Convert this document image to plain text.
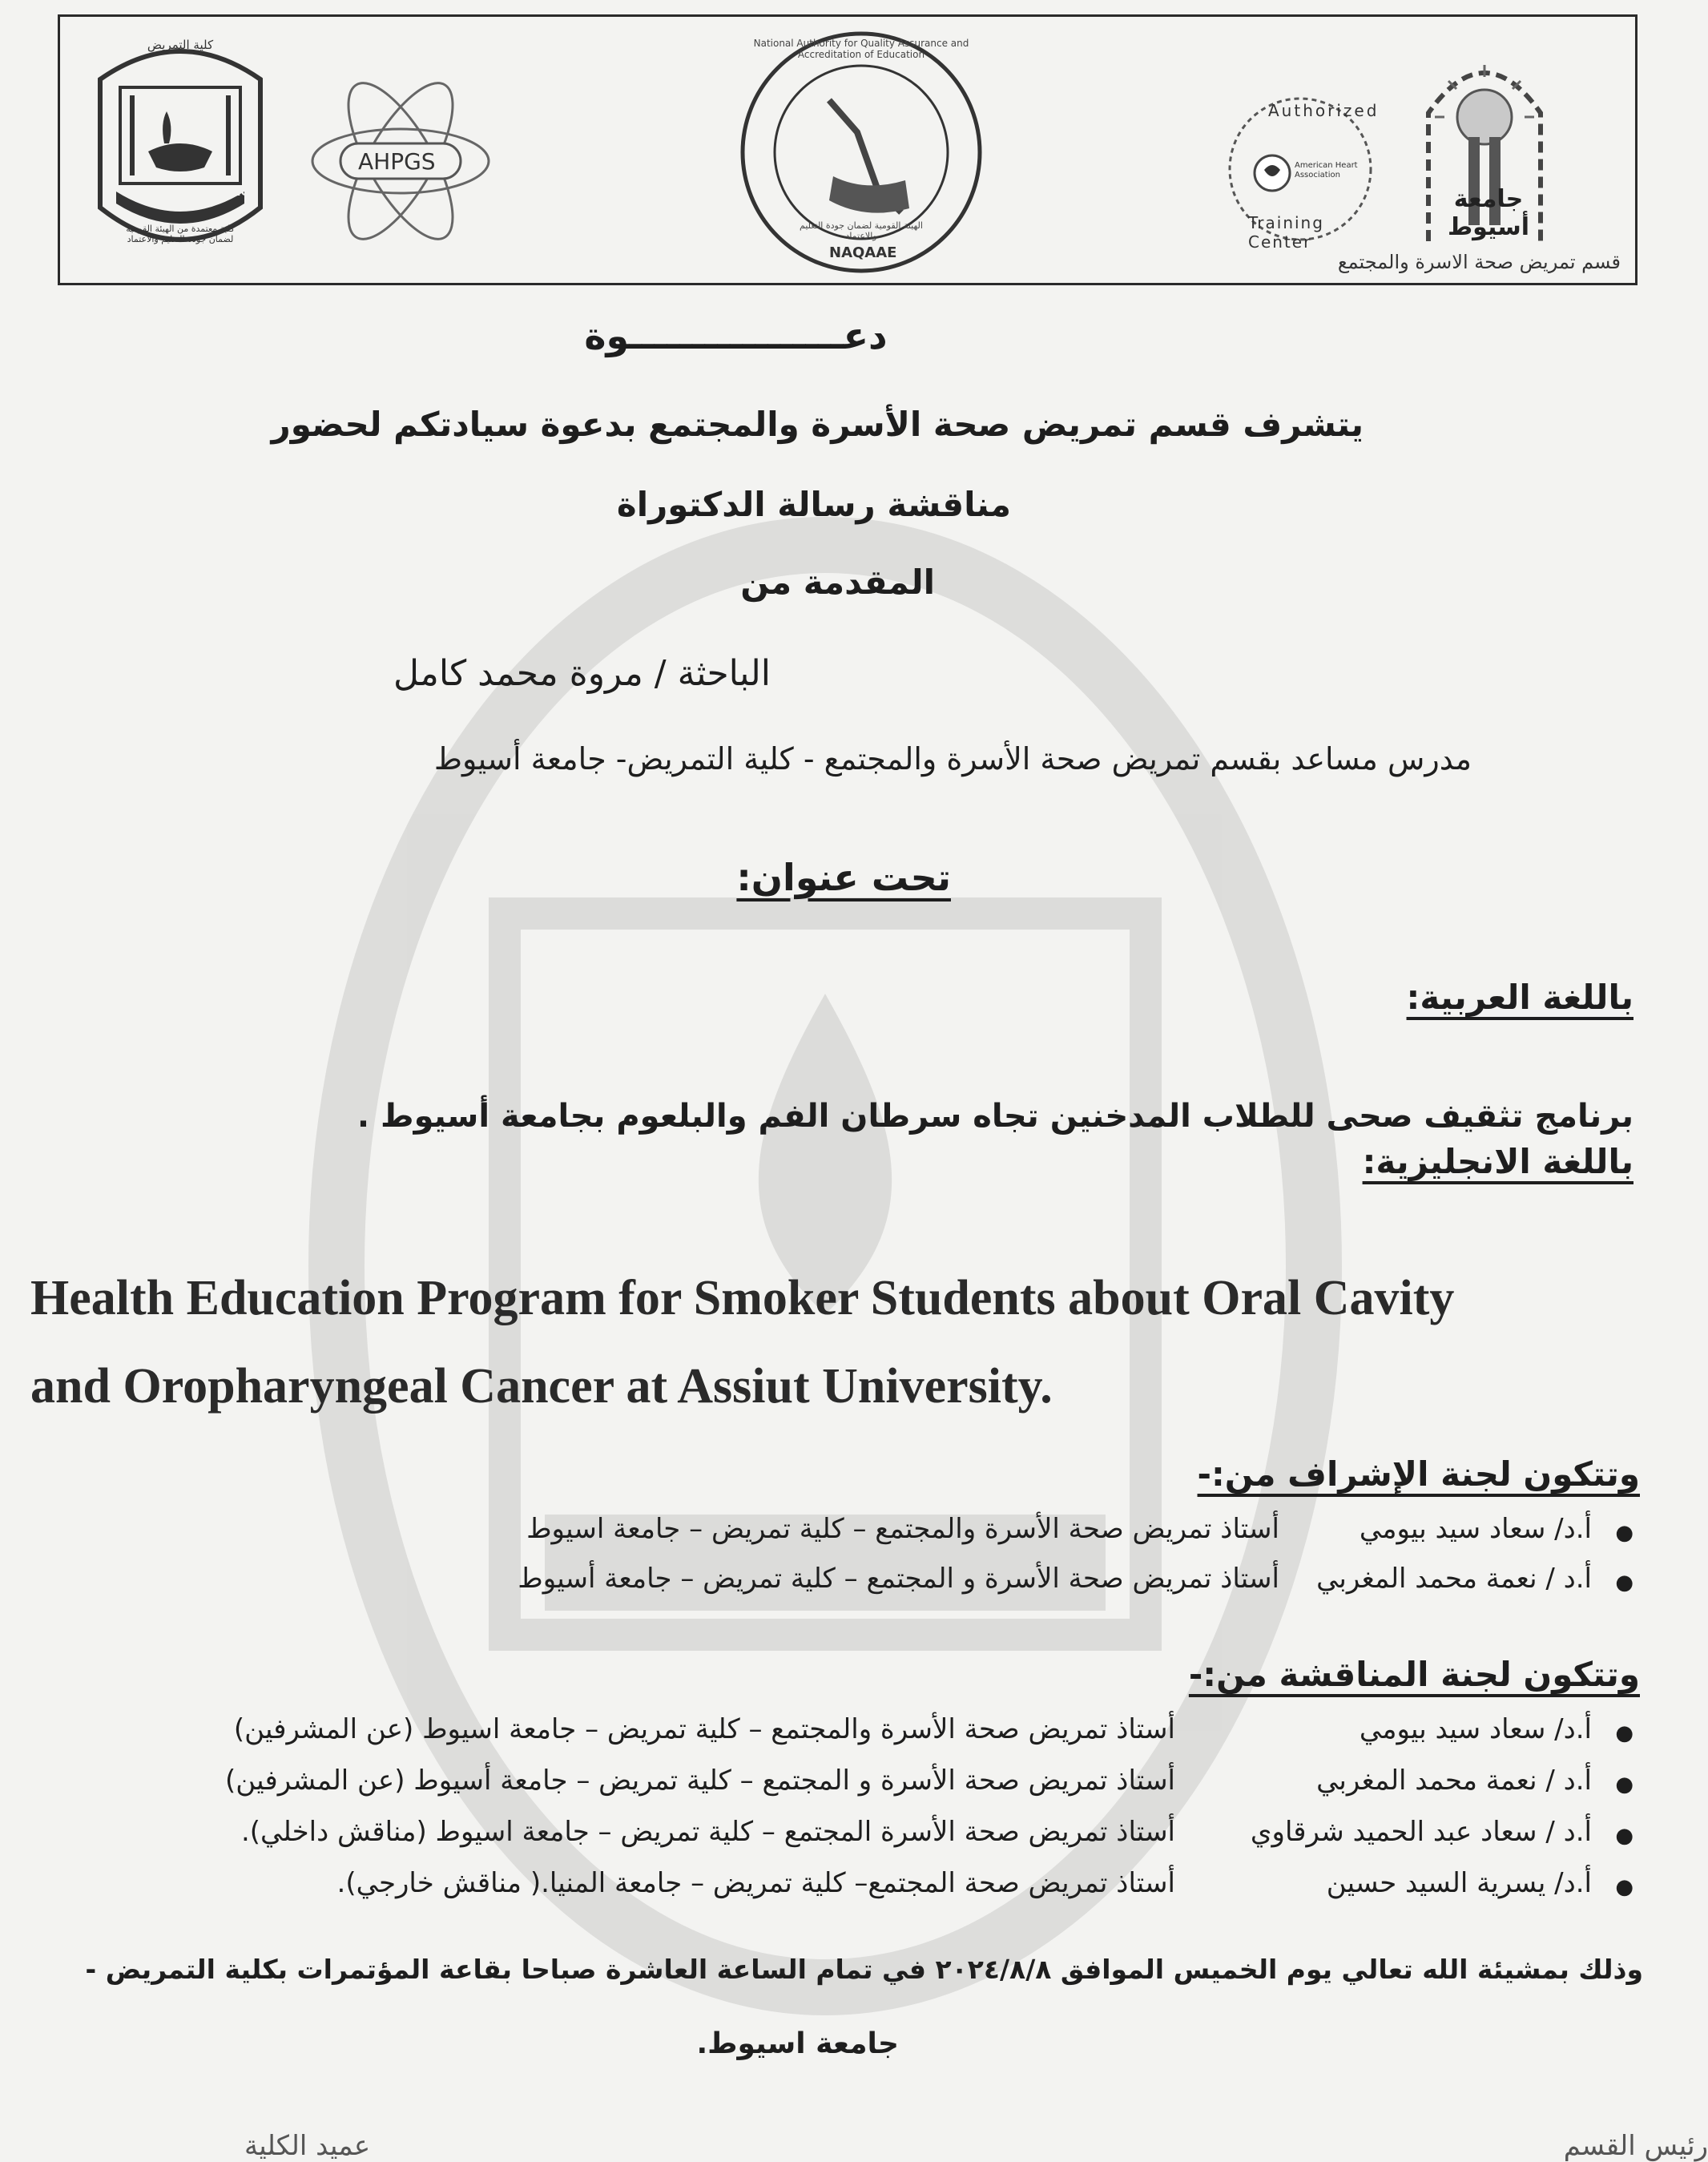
جامعة أسيوط
قسم تمريض صحة الاسرة والمجتمع
Authorized
Training Center
American Heart Association
National Authority for Quality Assurance and Accreditation of Education
الهيئة القومية لضمان جودة التعليم والاعتماد
NAQAAE
AHPGS
كلية التمريض
FACULTY OF NURSING
كلية معتمدة من الهيئة القومية لضمان جودة التعليم والاعتماد
دعـــــــــــــــــوة
يتشرف قسم تمريض صحة الأسرة والمجتمع بدعوة سيادتكم لحضور
مناقشة رسالة الدكتوراة
المقدمة من
الباحثة / مروة محمد كامل
مدرس مساعد بقسم تمريض صحة الأسرة والمجتمع - كلية التمريض- جامعة أسيوط
تحت عنوان:
باللغة العربية:
برنامج تثقيف صحى للطلاب المدخنين تجاه سرطان الفم والبلعوم بجامعة أسيوط .
باللغة الانجليزية:
Health Education Program for Smoker Students about Oral Cavity
and Oropharyngeal Cancer at Assiut University.
وتتكون لجنة الإشراف من:-
●
أ.د/ سعاد سيد بيومي
أستاذ تمريض صحة الأسرة والمجتمع – كلية تمريض – جامعة اسيوط
●
أ.د / نعمة محمد المغربي
أستاذ تمريض صحة الأسرة و المجتمع – كلية تمريض – جامعة أسيوط
وتتكون لجنة المناقشة من:-
●
أ.د/ سعاد سيد بيومي
أستاذ تمريض صحة الأسرة والمجتمع – كلية تمريض – جامعة اسيوط (عن المشرفين)
●
أ.د / نعمة محمد المغربي
أستاذ تمريض صحة الأسرة و المجتمع – كلية تمريض – جامعة أسيوط (عن المشرفين)
●
أ.د / سعاد عبد الحميد شرقاوي
أستاذ تمريض صحة الأسرة المجتمع – كلية تمريض – جامعة اسيوط (مناقش داخلي).
●
أ.د/ يسرية السيد حسين
أستاذ تمريض صحة المجتمع– كلية تمريض – جامعة المنيا.( مناقش خارجي).
وذلك بمشيئة الله تعالي يوم الخميس الموافق ٢٠٢٤/٨/٨ في تمام الساعة العاشرة صباحا بقاعة المؤتمرات بكلية التمريض -
جامعة اسيوط.
عميد الكلية	رئيس القسم
